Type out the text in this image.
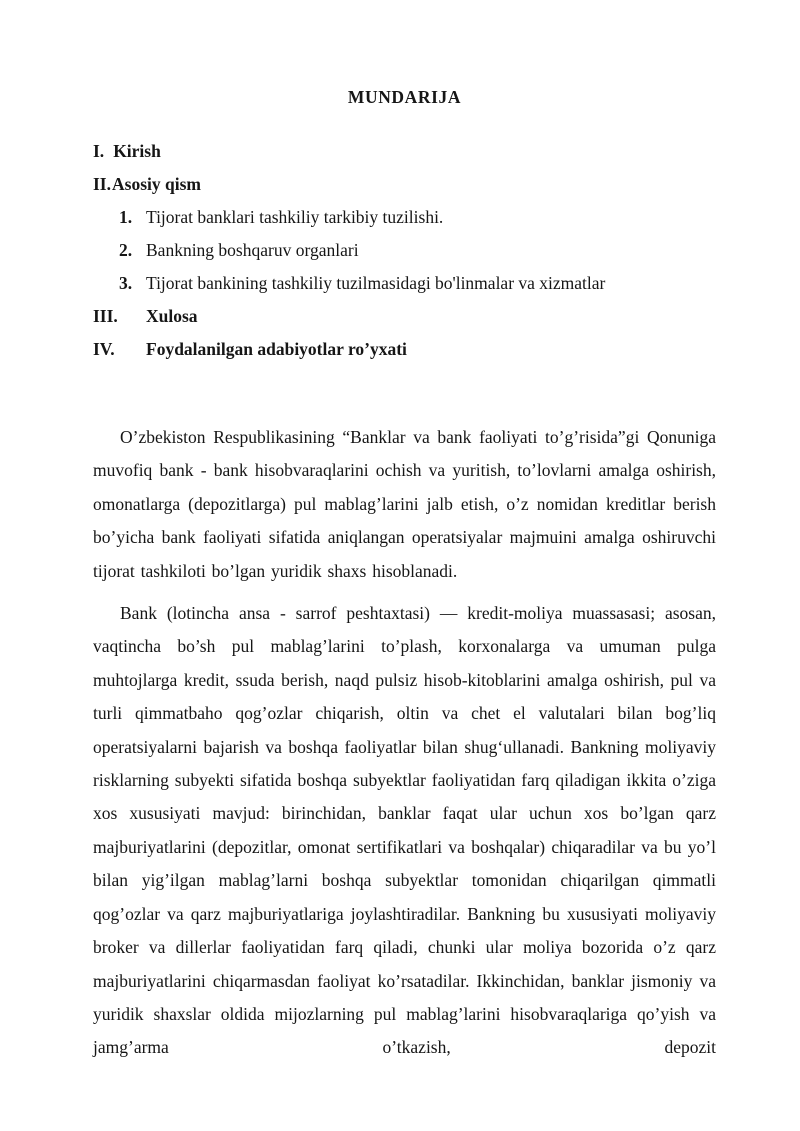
MUNDARIJA
I. Kirish
II.Asosiy qism
1. Tijorat banklari tashkiliy tarkibiy tuzilishi.
2. Bankning boshqaruv organlari
3. Tijorat bankining tashkiliy tuzilmasidagi bo'linmalar va xizmatlar
III. Xulosa
IV. Foydalanilgan adabiyotlar ro’yxati

O’zbekiston Respublikasining “Banklar va bank faoliyati to’g’risida”gi Qonuniga muvofiq bank - bank hisobvaraqlarini ochish va yuritish, to’lovlarni amalga oshirish, omonatlarga (depozitlarga) pul mablag’larini jalb etish, o’z nomidan kreditlar berish bo’yicha bank faoliyati sifatida aniqlangan operatsiyalar majmuini amalga oshiruvchi tijorat tashkiloti bo’lgan yuridik shaxs hisoblanadi.

Bank (lotincha ansa - sarrof peshtaxtasi) — kredit-moliya muassasasi; asosan, vaqtincha bo’sh pul mablag’larini to’plash, korxonalarga va umuman pulga muhtojlarga kredit, ssuda berish, naqd pulsiz hisob-kitoblarini amalga oshirish, pul va turli qimmatbaho qog’ozlar chiqarish, oltin va chet el valutalari bilan bog’liq operatsiyalarni bajarish va boshqa faoliyatlar bilan shug‘ullanadi. Bankning moliyaviy risklarning subyekti sifatida boshqa subyektlar faoliyatidan farq qiladigan ikkita o’ziga xos xususiyati mavjud: birinchidan, banklar faqat ular uchun xos bo’lgan qarz majburiyatlarini (depozitlar, omonat sertifikatlari va boshqalar) chiqaradilar va bu yo’l bilan yig’ilgan mablag’larni boshqa subyektlar tomonidan chiqarilgan qimmatli qog’ozlar va qarz majburiyatlariga joylashtiradilar. Bankning bu xususiyati moliyaviy broker va dillerlar faoliyatidan farq qiladi, chunki ular moliya bozorida o’z qarz majburiyatlarini chiqarmasdan faoliyat ko’rsatadilar. Ikkinchidan, banklar jismoniy va yuridik shaxslar oldida mijozlarning pul mablag’larini hisobvaraqlariga qo’yish va jamg’arma o’tkazish, depozit
